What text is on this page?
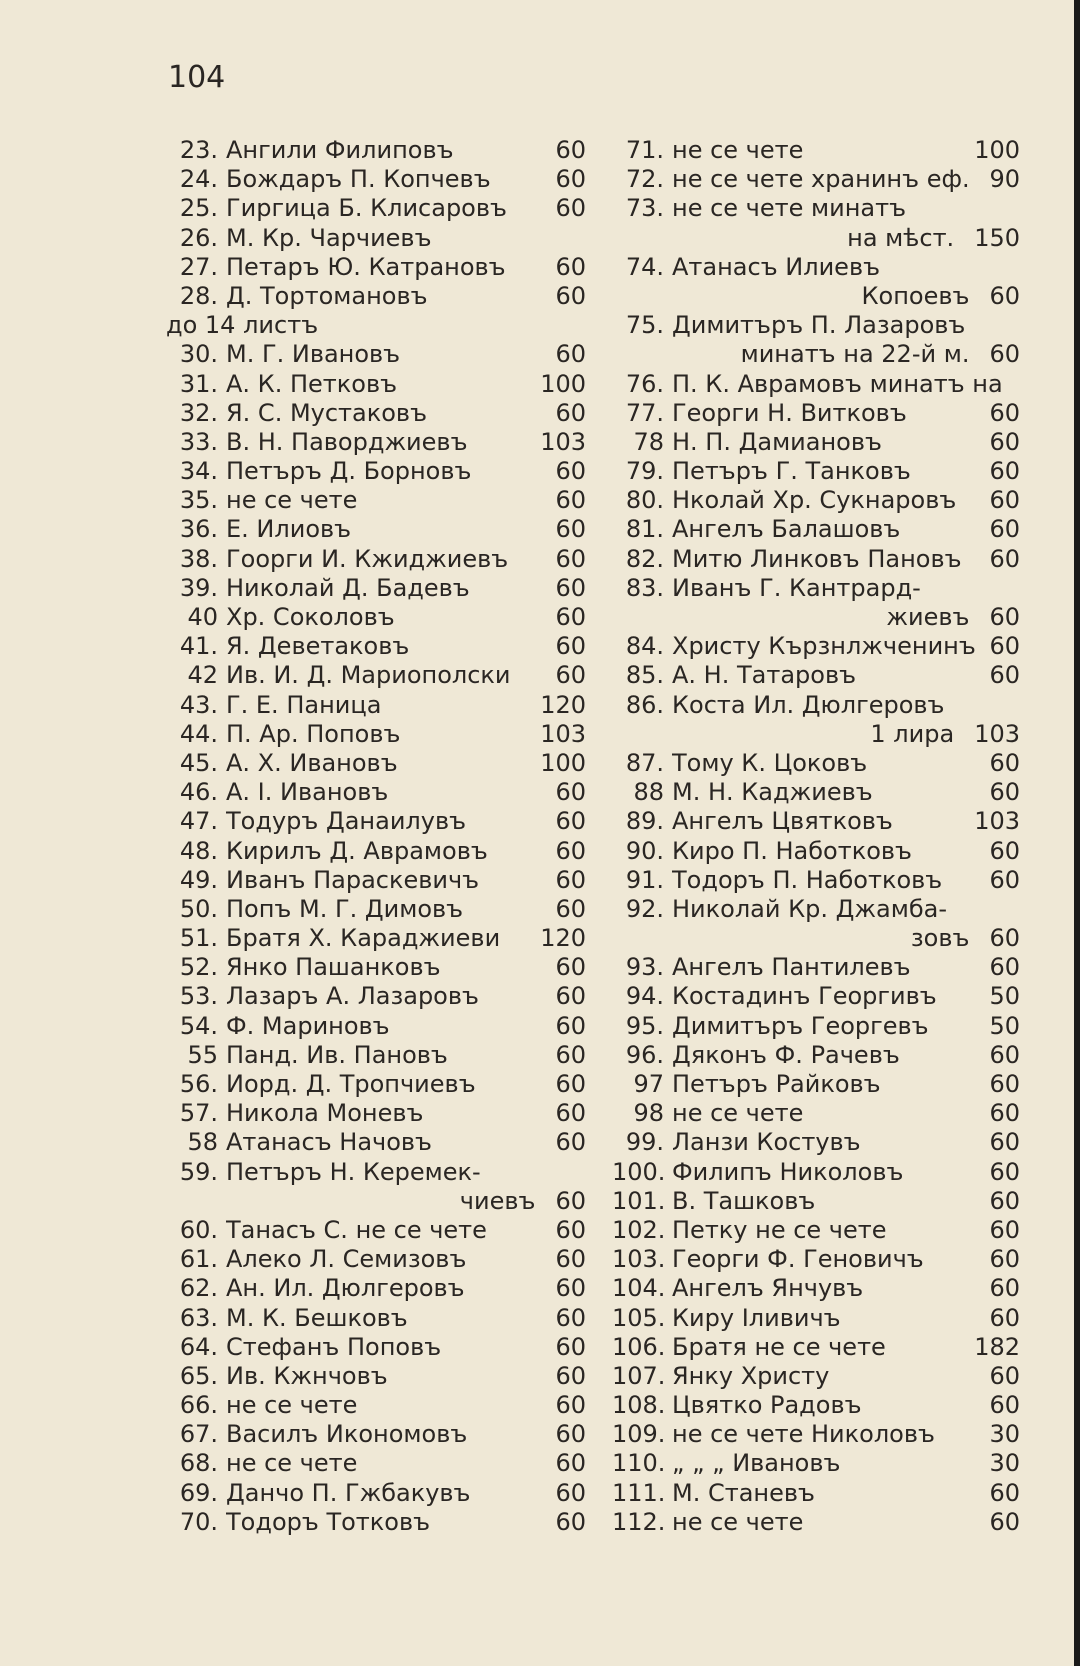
104
23. Ангили Филиповъ	60
24. Бождаръ П. Копчевъ	60
25. Гиргица Б. Клисаровъ	60
26. М. Кр. Чарчиевъ
27. Петаръ Ю. Катрановъ	60
28. Д. Тортомановъ	60
до 14 листъ
30. М. Г. Ивановъ	60
31. А. К. Петковъ	100
32. Я. С. Мустаковъ	60
33. В. Н. Паворджиевъ	103
34. Петъръ Д. Борновъ	60
35. не се чете	60
36. Е. Илиовъ	60
38. Гоорги И. Кжиджиевъ	60
39. Николай Д. Бадевъ	60
40 Хр. Соколовъ	60
41. Я. Деветаковъ	60
42 Ив. И. Д. Мариополски	60
43. Г. Е. Паница	120
44. П. Ар. Поповъ	103
45. А. Х. Ивановъ	100
46. А. І. Ивановъ	60
47. Тодуръ Данаилувъ	60
48. Кирилъ Д. Аврамовъ	60
49. Иванъ Параскевичъ	60
50. Попъ М. Г. Димовъ	60
51. Братя Х. Караджиеви	120
52. Янко Пашанковъ	60
53. Лазаръ А. Лазаровъ	60
54. Ф. Мариновъ	60
55 Панд. Ив. Пановъ	60
56. Иорд. Д. Тропчиевъ	60
57. Никола Моневъ	60
58 Атанасъ Начовъ	60
59. Петъръ Н. Керемек-
чиевъ 60
60. Танасъ С. не се чете	60
61. Алеко Л. Семизовъ	60
62. Ан. Ил. Дюлгеровъ	60
63. М. К. Бешковъ	60
64. Стефанъ Поповъ	60
65. Ив. Кжнчовъ	60
66. не се чете	60
67. Василъ Икономовъ	60
68. не се чете	60
69. Данчо П. Гжбакувъ	60
70. Тодоръ Тотковъ	60
71. не се чете	100
72. не се чете хранинъ еф. 90
73. не се чете минатъ
на мѣст. 150
74. Атанасъ Илиевъ
Копоевъ 60
75. Димитъръ П. Лазаровъ
минатъ на 22-й м. 60
76. П. К. Аврамовъ минатъ на
77. Георги Н. Витковъ	60
78 Н. П. Дамиановъ	60
79. Петъръ Г. Танковъ	60
80. Нколай Хр. Сукнаровъ	60
81. Ангелъ Балашовъ	60
82. Митю Линковъ Пановъ	60
83. Иванъ Г. Кантрард-
жиевъ 60
84. Христу Кързнлжченинъ 60
85. А. Н. Татаровъ	60
86. Коста Ил. Дюлгеровъ
1 лира 103
87. Тому К. Цоковъ	60
88 М. Н. Каджиевъ	60
89. Ангелъ Цвятковъ	103
90. Киро П. Наботковъ	60
91. Тодоръ П. Наботковъ	60
92. Николай Кр. Джамба-
зовъ 60
93. Ангелъ Пантилевъ	60
94. Костадинъ Георгивъ	50
95. Димитъръ Георгевъ	50
96. Дяконъ Ф. Рачевъ	60
97 Петъръ Райковъ	60
98 не се чете	60
99. Лaнзи Костувъ	60
100. Филипъ Николовъ	60
101. В. Ташковъ	60
102. Петку не се чете	60
103. Георги Ф. Геновичъ	60
104. Ангелъ Янчувъ	60
105. Киру Іливичъ	60
106. Братя не се чете	182
107. Янку Христу	60
108. Цвятко Радовъ	60
109. не се чете Николовъ	30
110. „ „ „ Ивановъ	30
111. М. Станевъ	60
112. не се чете	60
